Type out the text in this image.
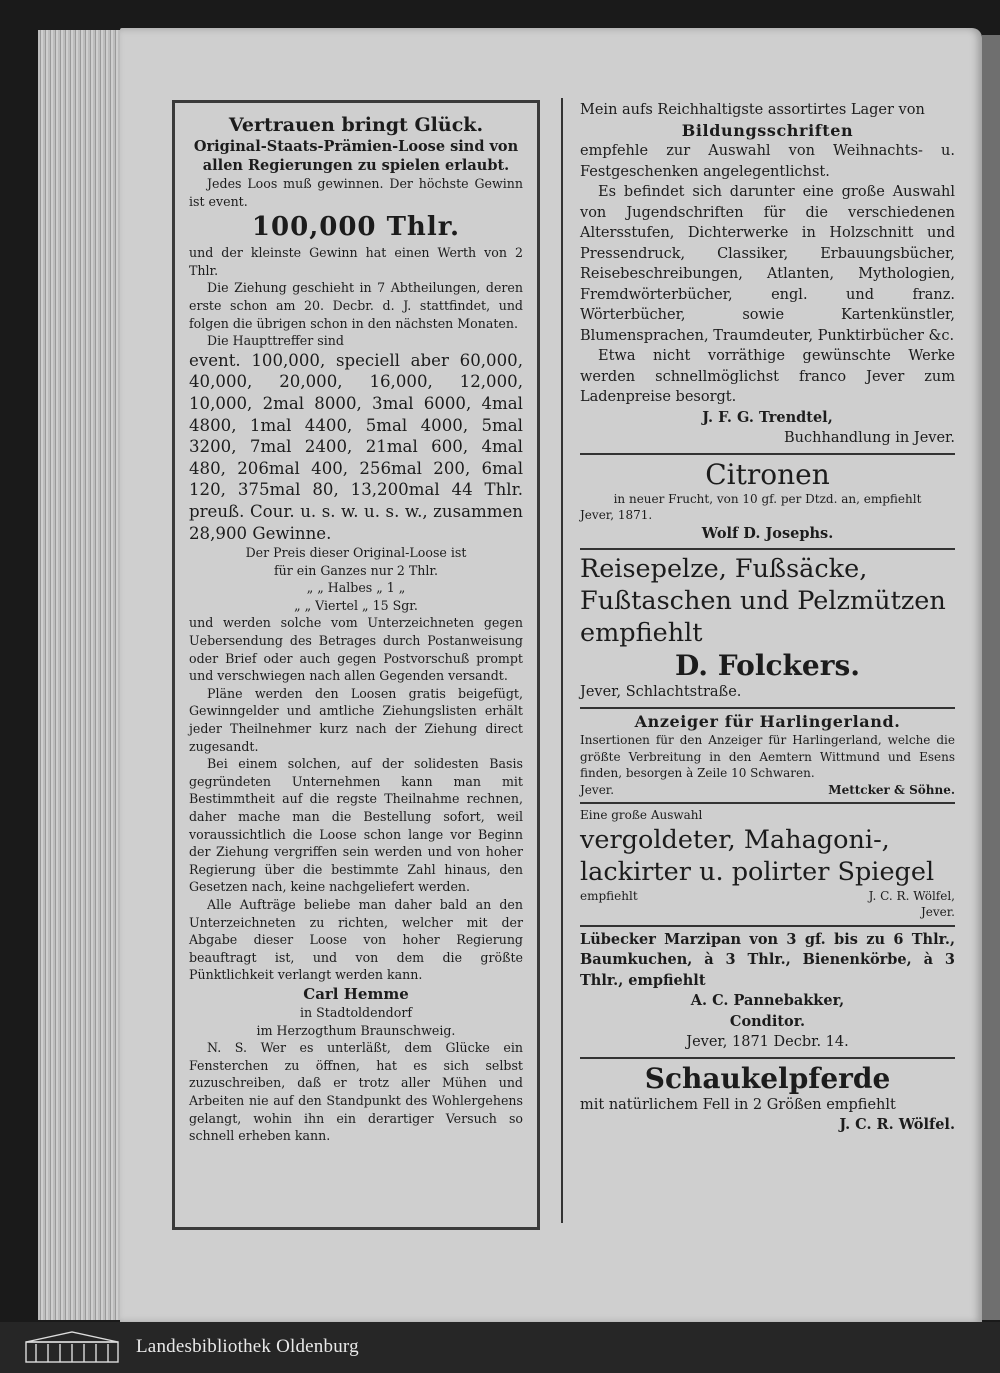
Vertrauen bringt Glück.
Original-Staats-Prämien-Loose sind von allen Regierungen zu spielen erlaubt.
Jedes Loos muß gewinnen. Der höchste Gewinn ist event.
100,000 Thlr.
und der kleinste Gewinn hat einen Werth von 2 Thlr.
Die Ziehung geschieht in 7 Abtheilungen, deren erste schon am 20. Decbr. d. J. stattfindet, und folgen die übrigen schon in den nächsten Monaten.
Die Haupttreffer sind
event. 100,000, speciell aber 60,000, 40,000, 20,000, 16,000, 12,000, 10,000, 2mal 8000, 3mal 6000, 4mal 4800, 1mal 4400, 5mal 4000, 5mal 3200, 7mal 2400, 21mal 600, 4mal 480, 206mal 400, 256mal 200, 6mal 120, 375mal 80, 13,200mal 44 Thlr. preuß. Cour. u. s. w. u. s. w., zusammen 28,900 Gewinne.
Der Preis dieser Original-Loose ist
für ein Ganzes nur 2 Thlr.
„ „ Halbes „ 1 „
„ „ Viertel „ 15 Sgr.
und werden solche vom Unterzeichneten gegen Uebersendung des Betrages durch Postanweisung oder Brief oder auch gegen Postvorschuß prompt und verschwiegen nach allen Gegenden versandt.
Pläne werden den Loosen gratis beigefügt, Gewinngelder und amtliche Ziehungslisten erhält jeder Theilnehmer kurz nach der Ziehung direct zugesandt.
Bei einem solchen, auf der solidesten Basis gegründeten Unternehmen kann man mit Bestimmtheit auf die regste Theilnahme rechnen, daher mache man die Bestellung sofort, weil voraussichtlich die Loose schon lange vor Beginn der Ziehung vergriffen sein werden und von hoher Regierung über die bestimmte Zahl hinaus, den Gesetzen nach, keine nachgeliefert werden.
Alle Aufträge beliebe man daher bald an den Unterzeichneten zu richten, welcher mit der Abgabe dieser Loose von hoher Regierung beauftragt ist, und von dem die größte Pünktlichkeit verlangt werden kann.
Carl Hemme
in Stadtoldendorf
im Herzogthum Braunschweig.
N. S. Wer es unterläßt, dem Glücke ein Fensterchen zu öffnen, hat es sich selbst zuzuschreiben, daß er trotz aller Mühen und Arbeiten nie auf den Standpunkt des Wohlergehens gelangt, wohin ihn ein derartiger Versuch so schnell erheben kann.
Mein aufs Reichhaltigste assortirtes Lager von
Bildungsschriften
empfehle zur Auswahl von Weihnachts- u. Festgeschenken angelegentlichst.
Es befindet sich darunter eine große Auswahl von Jugendschriften für die verschiedenen Altersstufen, Dichterwerke in Holzschnitt und Pressendruck, Classiker, Erbauungsbücher, Reisebeschreibungen, Atlanten, Mythologien, Fremdwörterbücher, engl. und franz. Wörterbücher, sowie Kartenkünstler, Blumensprachen, Traumdeuter, Punktirbücher &c.
Etwa nicht vorräthige gewünschte Werke werden schnellmöglichst franco Jever zum Ladenpreise besorgt.
J. F. G. Trendtel,
Buchhandlung in Jever.
Citronen
in neuer Frucht, von 10 gf. per Dtzd. an, empfiehlt
Jever, 1871.
Wolf D. Josephs.
Reisepelze, Fußsäcke, Fußtaschen und Pelzmützen empfiehlt
D. Folckers.
Jever, Schlachtstraße.
Anzeiger für Harlingerland.
Insertionen für den Anzeiger für Harlingerland, welche die größte Verbreitung in den Aemtern Wittmund und Esens finden, besorgen à Zeile 10 Schwaren.
Jever.	Mettcker & Söhne.
Eine große Auswahl
vergoldeter, Mahagoni-, lackirter u. polirter Spiegel
empfiehlt	J. C. R. Wölfel,
Jever.
Lübecker Marzipan von 3 gf. bis zu 6 Thlr., Baumkuchen, à 3 Thlr., Bienenkörbe, à 3 Thlr., empfiehlt
A. C. Pannebakker,
Conditor.
Jever, 1871 Decbr. 14.
Schaukelpferde
mit natürlichem Fell in 2 Größen empfiehlt
J. C. R. Wölfel.
Landesbibliothek Oldenburg
